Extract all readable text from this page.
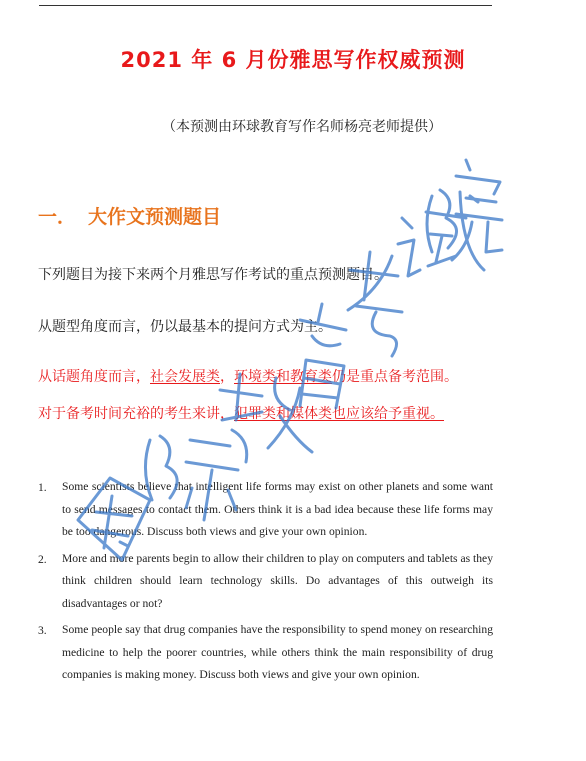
2021 年 6 月份雅思写作权威预测
（本预测由环球教育写作名师杨亮老师提供）
一． 大作文预测题目
下列题目为接下来两个月雅思写作考试的重点预测题目。
从题型角度而言，仍以最基本的提问方式为主。
从话题角度而言，社会发展类，环境类和教育类仍是重点备考范围。
对于备考时间充裕的考生来讲，犯罪类和媒体类也应该给予重视。
1.	Some scientists believe that intelligent life forms may exist on other planets and some want to send messages to contact them. Others think it is a bad idea because these life forms may be too dangerous. Discuss both views and give your own opinion.
2.	More and more parents begin to allow their children to play on computers and tablets as they think children should learn technology skills. Do advantages of this outweigh its disadvantages or not?
3.	Some people say that drug companies have the responsibility to spend money on researching medicine to help the poorer countries, while others think the main responsibility of drug companies is making money. Discuss both views and give your own opinion.
